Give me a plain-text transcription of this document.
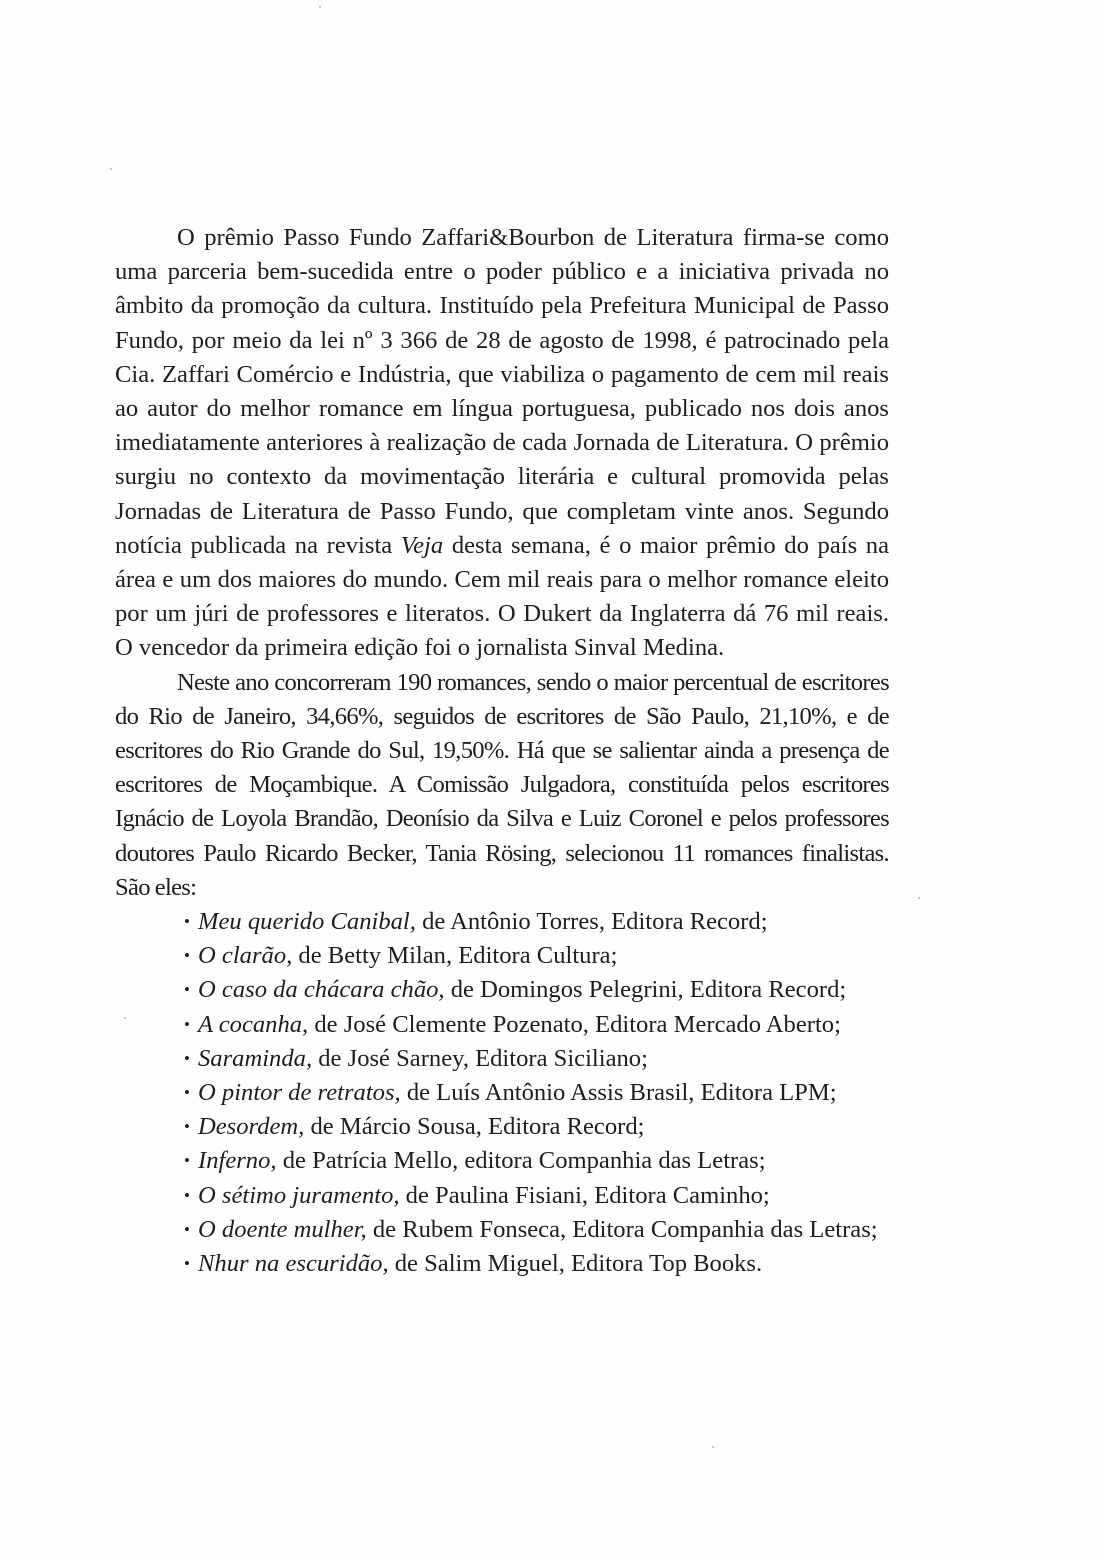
O prêmio Passo Fundo Zaffari&Bourbon de Literatura firma-se como uma parceria bem-sucedida entre o poder público e a iniciativa privada no âmbito da promoção da cultura. Instituído pela Prefeitura Municipal de Passo Fundo, por meio da lei nº 3 366 de 28 de agosto de 1998, é patrocinado pela Cia. Zaffari Comércio e Indústria, que viabiliza o pagamento de cem mil reais ao autor do melhor romance em língua portuguesa, publicado nos dois anos imediatamente anteriores à realização de cada Jornada de Literatura. O prêmio surgiu no contexto da movimentação literária e cultural promovida pelas Jornadas de Literatura de Passo Fundo, que completam vinte anos. Segundo notícia publicada na revista Veja desta semana, é o maior prêmio do país na área e um dos maiores do mundo. Cem mil reais para o melhor romance eleito por um júri de professores e literatos. O Dukert da Inglaterra dá 76 mil reais. O vencedor da primeira edição foi o jornalista Sinval Medina.

Neste ano concorreram 190 romances, sendo o maior percentual de escritores do Rio de Janeiro, 34,66%, seguidos de escritores de São Paulo, 21,10%, e de escritores do Rio Grande do Sul, 19,50%. Há que se salientar ainda a presença de escritores de Moçambique. A Comissão Julgadora, constituída pelos escritores Ignácio de Loyola Brandão, Deonísio da Silva e Luiz Coronel e pelos professores doutores Paulo Ricardo Becker, Tania Rösing, selecionou 11 romances finalistas. São eles:

• Meu querido Canibal, de Antônio Torres, Editora Record;
• O clarão, de Betty Milan, Editora Cultura;
• O caso da chácara chão, de Domingos Pelegrini, Editora Record;
• A cocanha, de José Clemente Pozenato, Editora Mercado Aberto;
• Saraminda, de José Sarney, Editora Siciliano;
• O pintor de retratos, de Luís Antônio Assis Brasil, Editora LPM;
• Desordem, de Márcio Sousa, Editora Record;
• Inferno, de Patrícia Mello, editora Companhia das Letras;
• O sétimo juramento, de Paulina Fisiani, Editora Caminho;
• O doente mulher, de Rubem Fonseca, Editora Companhia das Letras;
• Nhur na escuridão, de Salim Miguel, Editora Top Books.
